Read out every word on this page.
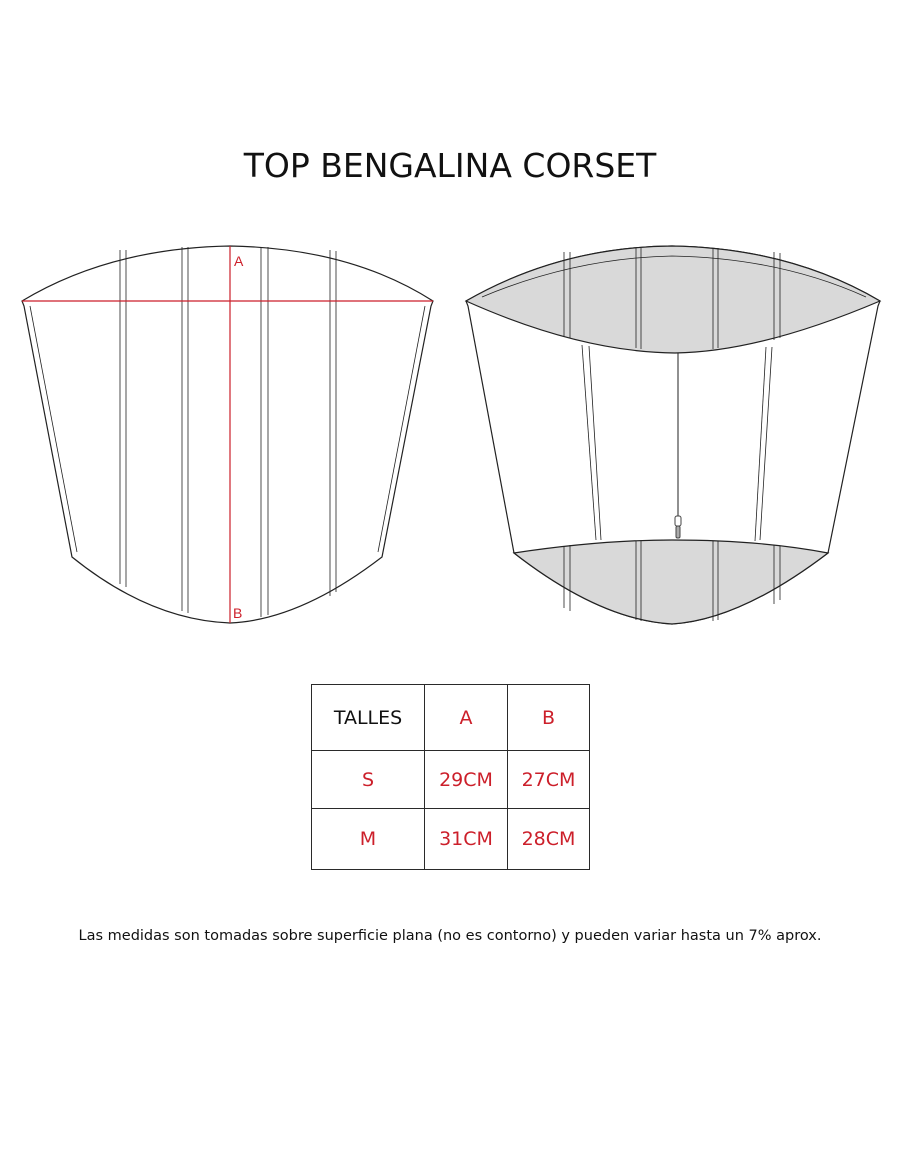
TOP BENGALINA CORSET
A
B
TALLES	A	B
S	29CM	27CM
M	31CM	28CM
Las medidas son tomadas sobre superficie plana (no es contorno) y pueden variar hasta un 7% aprox.
